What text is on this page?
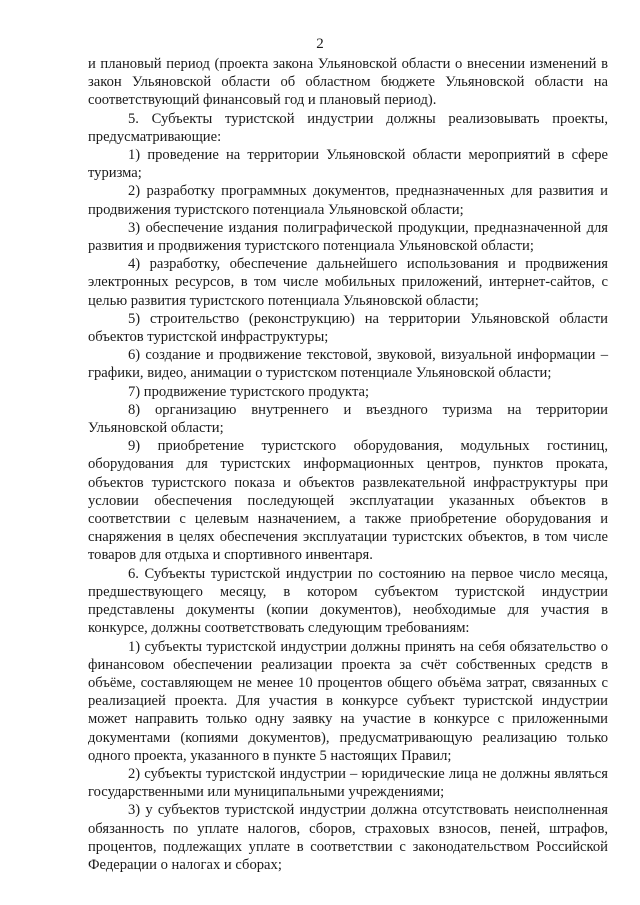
2

и плановый период (проекта закона Ульяновской области о внесении изменений в закон Ульяновской области об областном бюджете Ульяновской области на соответствующий финансовый год и плановый период).

5. Субъекты туристской индустрии должны реализовывать проекты, предусматривающие:

1) проведение на территории Ульяновской области мероприятий в сфере туризма;

2) разработку программных документов, предназначенных для развития и продвижения туристского потенциала Ульяновской области;

3) обеспечение издания полиграфической продукции, предназначенной для развития и продвижения туристского потенциала Ульяновской области;

4) разработку, обеспечение дальнейшего использования и продвижения электронных ресурсов, в том числе мобильных приложений, интернет-сайтов, с целью развития туристского потенциала Ульяновской области;

5) строительство (реконструкцию) на территории Ульяновской области объектов туристской инфраструктуры;

6) создание и продвижение текстовой, звуковой, визуальной информации – графики, видео, анимации о туристском потенциале Ульяновской области;

7) продвижение туристского продукта;

8) организацию внутреннего и въездного туризма на территории Ульяновской области;

9) приобретение туристского оборудования, модульных гостиниц, оборудования для туристских информационных центров, пунктов проката, объектов туристского показа и объектов развлекательной инфраструктуры при условии обеспечения последующей эксплуатации указанных объектов в соответствии с целевым назначением, а также приобретение оборудования и снаряжения в целях обеспечения эксплуатации туристских объектов, в том числе товаров для отдыха и спортивного инвентаря.

6. Субъекты туристской индустрии по состоянию на первое число месяца, предшествующего месяцу, в котором субъектом туристской индустрии представлены документы (копии документов), необходимые для участия в конкурсе, должны соответствовать следующим требованиям:

1) субъекты туристской индустрии должны принять на себя обязательство о финансовом обеспечении реализации проекта за счёт собственных средств в объёме, составляющем не менее 10 процентов общего объёма затрат, связанных с реализацией проекта. Для участия в конкурсе субъект туристской индустрии может направить только одну заявку на участие в конкурсе с приложенными документами (копиями документов), предусматривающую реализацию только одного проекта, указанного в пункте 5 настоящих Правил;

2) субъекты туристской индустрии – юридические лица не должны являться государственными или муниципальными учреждениями;

3) у субъектов туристской индустрии должна отсутствовать неисполненная обязанность по уплате налогов, сборов, страховых взносов, пеней, штрафов, процентов, подлежащих уплате в соответствии с законодательством Российской Федерации о налогах и сборах;
